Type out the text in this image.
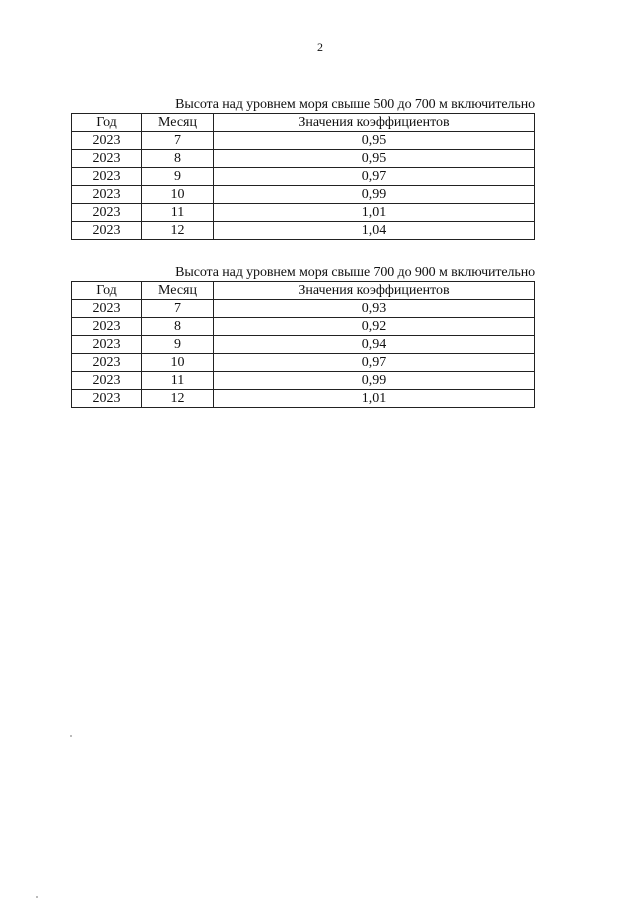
2
Высота над уровнем моря свыше 500 до 700 м включительно
Год	Месяц	Значения коэффициентов
2023	7	0,95
2023	8	0,95
2023	9	0,97
2023	10	0,99
2023	11	1,01
2023	12	1,04
Высота над уровнем моря свыше 700 до 900 м включительно
Год	Месяц	Значения коэффициентов
2023	7	0,93
2023	8	0,92
2023	9	0,94
2023	10	0,97
2023	11	0,99
2023	12	1,01
